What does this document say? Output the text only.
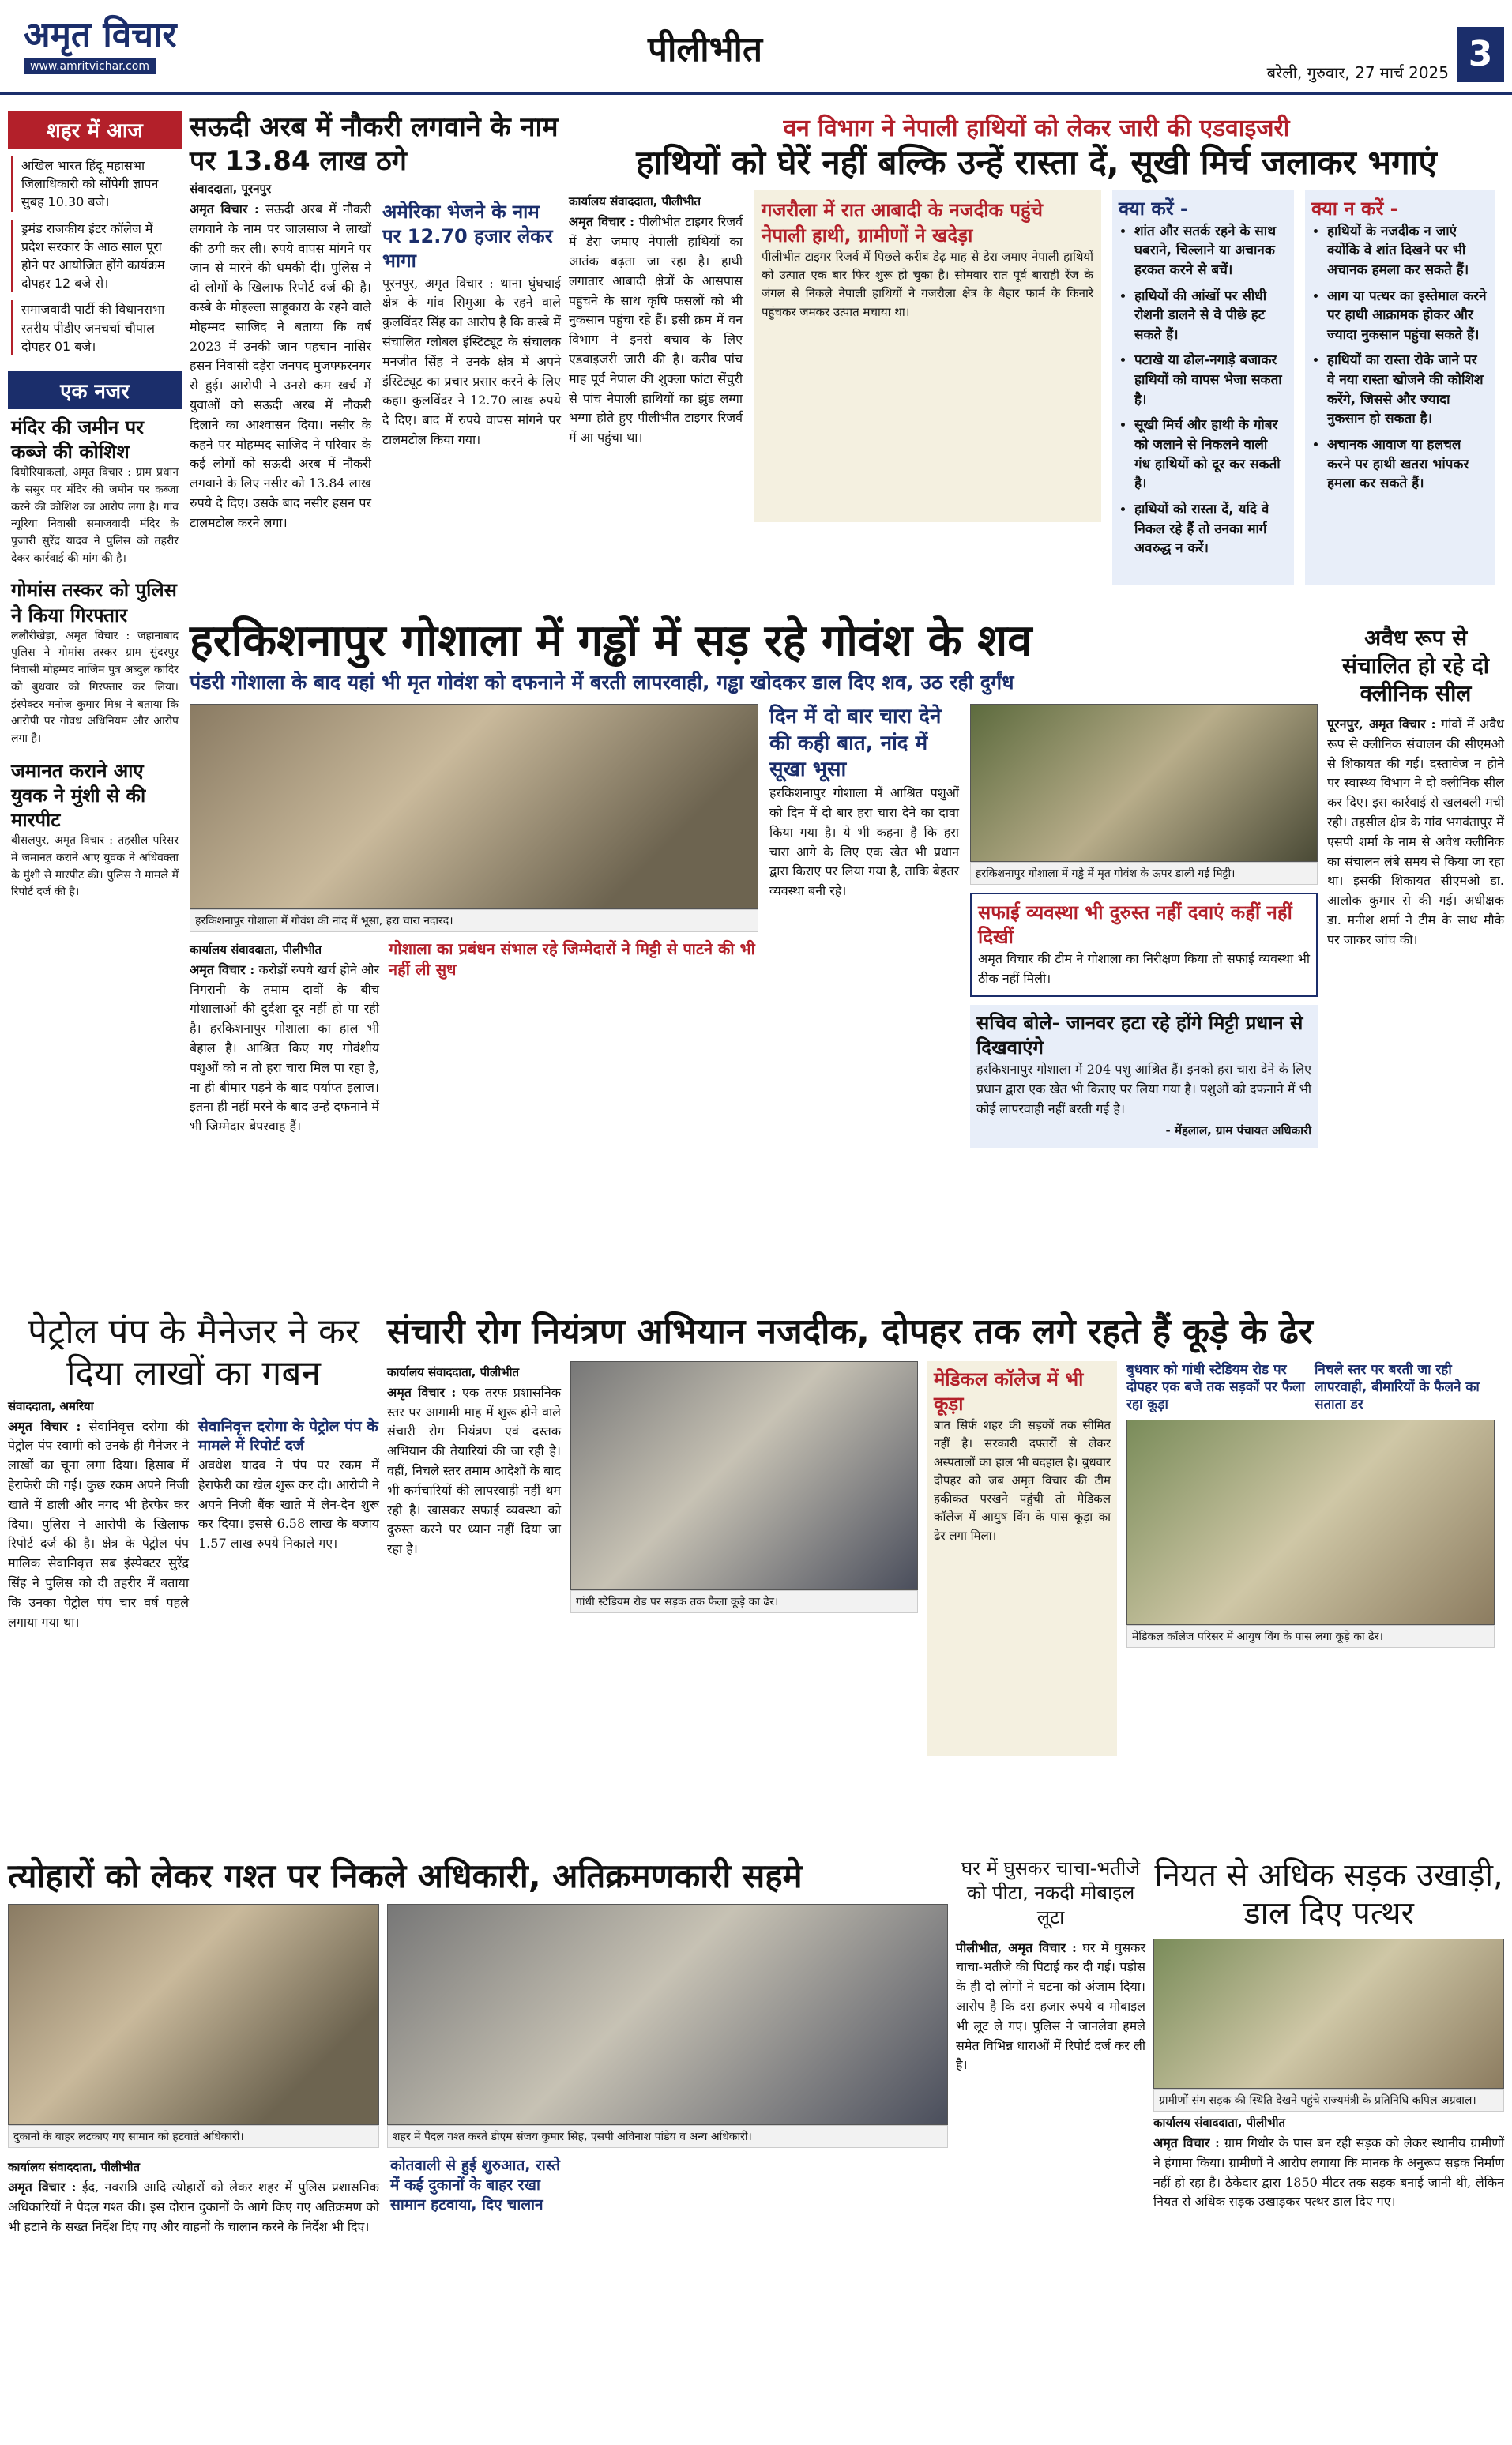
अमृत विचार
www.amritvichar.com	पीलीभीत
बरेली, गुरुवार, 27 मार्च 2025 3
शहर में आज
अखिल भारत हिंदू महासभा जिलाधिकारी को सौंपेगी ज्ञापन सुबह 10.30 बजे।
ड्रमंड राजकीय इंटर कॉलेज में प्रदेश सरकार के आठ साल पूरा होने पर आयोजित होंगे कार्यक्रम दोपहर 12 बजे से।
समाजवादी पार्टी की विधानसभा स्तरीय पीडीए जनचर्चा चौपाल दोपहर 01 बजे।
एक नजर
मंदिर की जमीन पर कब्जे की कोशिश
दियोरियाकलां, अमृत विचार : ग्राम प्रधान के ससुर पर मंदिर की जमीन पर कब्जा करने की कोशिश का आरोप लगा है। गांव न्यूरिया निवासी समाजवादी मंदिर के पुजारी सुरेंद्र यादव ने पुलिस को तहरीर देकर कार्रवाई की मांग की है।
गोमांस तस्कर को पुलिस ने किया गिरफ्तार
ललौरीखेड़ा, अमृत विचार : जहानाबाद पुलिस ने गोमांस तस्कर ग्राम सुंदरपुर निवासी मोहम्मद नाजिम पुत्र अब्दुल कादिर को बुधवार को गिरफ्तार कर लिया। इंस्पेक्टर मनोज कुमार मिश्र ने बताया कि आरोपी पर गोवध अधिनियम और आरोप लगा है।
जमानत कराने आए युवक ने मुंशी से की मारपीट
बीसलपुर, अमृत विचार : तहसील परिसर में जमानत कराने आए युवक ने अधिवक्ता के मुंशी से मारपीट की। पुलिस ने मामले में रिपोर्ट दर्ज की है।
सऊदी अरब में नौकरी लगवाने के नाम पर 13.84 लाख ठगे
संवाददाता, पूरनपुर
अमृत विचार : सऊदी अरब में नौकरी लगवाने के नाम पर जालसाज ने लाखों की ठगी कर ली। रुपये वापस मांगने पर जान से मारने की धमकी दी। पुलिस ने दो लोगों के खिलाफ रिपोर्ट दर्ज की है। कस्बे के मोहल्ला साहूकारा के रहने वाले मोहम्मद साजिद ने बताया कि वर्ष 2023 में उनकी जान पहचान नासिर हसन निवासी दड़ेरा जनपद मुजफ्फरनगर से हुई। आरोपी ने उनसे कम खर्च में युवाओं को सऊदी अरब में नौकरी दिलाने का आश्वासन दिया। नसीर के कहने पर मोहम्मद साजिद ने परिवार के कई लोगों को सऊदी अरब में नौकरी लगवाने के लिए नसीर को 13.84 लाख रुपये दे दिए। उसके बाद नसीर हसन पर टालमटोल करने लगा।
अमेरिका भेजने के नाम पर 12.70 हजार लेकर भागा
पूरनपुर, अमृत विचार : थाना घुंघचाई क्षेत्र के गांव सिमुआ के रहने वाले कुलविंदर सिंह का आरोप है कि कस्बे में संचालित ग्लोबल इंस्टिट्यूट के संचालक मनजीत सिंह ने उनके क्षेत्र में अपने इंस्टिट्यूट का प्रचार प्रसार करने के लिए कहा। कुलविंदर ने 12.70 लाख रुपये दे दिए। बाद में रुपये वापस मांगने पर टालमटोल किया गया।
वन विभाग ने नेपाली हाथियों को लेकर जारी की एडवाइजरी
हाथियों को घेरें नहीं बल्कि उन्हें रास्ता दें, सूखी मिर्च जलाकर भगाएं
कार्यालय संवाददाता, पीलीभीत
अमृत विचार : पीलीभीत टाइगर रिजर्व में डेरा जमाए नेपाली हाथियों का आतंक बढ़ता जा रहा है। हाथी लगातार आबादी क्षेत्रों के आसपास पहुंचने के साथ कृषि फसलों को भी नुकसान पहुंचा रहे हैं। इसी क्रम में वन विभाग ने इनसे बचाव के लिए एडवाइजरी जारी की है। करीब पांच माह पूर्व नेपाल की शुक्ला फांटा सेंचुरी से पांच नेपाली हाथियों का झुंड लग्गा भग्गा होते हुए पीलीभीत टाइगर रिजर्व में आ पहुंचा था।
गजरौला में रात आबादी के नजदीक पहुंचे नेपाली हाथी, ग्रामीणों ने खदेड़ा
पीलीभीत टाइगर रिजर्व में पिछले करीब डेढ़ माह से डेरा जमाए नेपाली हाथियों को उत्पात एक बार फिर शुरू हो चुका है। सोमवार रात पूर्व बाराही रेंज के जंगल से निकले नेपाली हाथियों ने गजरौला क्षेत्र के बैहार फार्म के किनारे पहुंचकर जमकर उत्पात मचाया था।
क्या करें -
• शांत और सतर्क रहने के साथ घबराने, चिल्लाने या अचानक हरकत करने से बचें।
• हाथियों की आंखों पर सीधी रोशनी डालने से वे पीछे हट सकते हैं।
• पटाखे या ढोल-नगाड़े बजाकर हाथियों को वापस भेजा सकता है।
• सूखी मिर्च और हाथी के गोबर को जलाने से निकलने वाली गंध हाथियों को दूर कर सकती है।
• हाथियों को रास्ता दें, यदि वे निकल रहे हैं तो उनका मार्ग अवरुद्ध न करें।
क्या न करें -
• हाथियों के नजदीक न जाएं क्योंकि वे शांत दिखने पर भी अचानक हमला कर सकते हैं।
• आग या पत्थर का इस्तेमाल करने पर हाथी आक्रामक होकर और ज्यादा नुकसान पहुंचा सकते हैं।
• हाथियों का रास्ता रोके जाने पर वे नया रास्ता खोजने की कोशिश करेंगे, जिससे और ज्यादा नुकसान हो सकता है।
• अचानक आवाज या हलचल करने पर हाथी खतरा भांपकर हमला कर सकते हैं।
हरकिशनापुर गोशाला में गड्ढों में सड़ रहे गोवंश के शव
पंडरी गोशाला के बाद यहां भी मृत गोवंश को दफनाने में बरती लापरवाही, गड्ढा खोदकर डाल दिए शव, उठ रही दुर्गंध
हरकिशनापुर गोशाला में गोवंश की नांद में भूसा, हरा चारा नदारद।
कार्यालय संवाददाता, पीलीभीत
अमृत विचार : करोड़ों रुपये खर्च होने और निगरानी के तमाम दावों के बीच गोशालाओं की दुर्दशा दूर नहीं हो पा रही है। हरकिशनापुर गोशाला का हाल भी बेहाल है। आश्रित किए गए गोवंशीय पशुओं को न तो हरा चारा मिल पा रहा है, ना ही बीमार पड़ने के बाद पर्याप्त इलाज। इतना ही नहीं मरने के बाद उन्हें दफनाने में भी जिम्मेदार बेपरवाह हैं।
गोशाला का प्रबंधन संभाल रहे जिम्मेदारों ने मिट्टी से पाटने की भी नहीं ली सुध
दिन में दो बार चारा देने की कही बात, नांद में सूखा भूसा
हरकिशनापुर गोशाला में आश्रित पशुओं को दिन में दो बार हरा चारा देने का दावा किया गया है। ये भी कहना है कि हरा चारा आगे के लिए एक खेत भी प्रधान द्वारा किराए पर लिया गया है, ताकि बेहतर व्यवस्था बनी रहे।
हरकिशनापुर गोशाला में गड्ढे में मृत गोवंश के ऊपर डाली गई मिट्टी।
सफाई व्यवस्था भी दुरुस्त नहीं दवाएं कहीं नहीं दिखीं
अमृत विचार की टीम ने गोशाला का निरीक्षण किया तो सफाई व्यवस्था भी ठीक नहीं मिली।
सचिव बोले- जानवर हटा रहे होंगे मिट्टी प्रधान से दिखवाएंगे
हरकिशनापुर गोशाला में 204 पशु आश्रित हैं। इनको हरा चारा देने के लिए प्रधान द्वारा एक खेत भी किराए पर लिया गया है। पशुओं को दफनाने में भी कोई लापरवाही नहीं बरती गई है।
- मेंहलाल, ग्राम पंचायत अधिकारी
अवैध रूप से संचालित हो रहे दो क्लीनिक सील
पूरनपुर, अमृत विचार : गांवों में अवैध रूप से क्लीनिक संचालन की सीएमओ से शिकायत की गई। दस्तावेज न होने पर स्वास्थ्य विभाग ने दो क्लीनिक सील कर दिए। इस कार्रवाई से खलबली मची रही। तहसील क्षेत्र के गांव भगवंतापुर में एसपी शर्मा के नाम से अवैध क्लीनिक का संचालन लंबे समय से किया जा रहा था। इसकी शिकायत सीएमओ डा. आलोक कुमार से की गई। अधीक्षक डा. मनीश शर्मा ने टीम के साथ मौके पर जाकर जांच की।
पेट्रोल पंप के मैनेजर ने कर दिया लाखों का गबन
संवाददाता, अमरिया
अमृत विचार : सेवानिवृत्त दरोगा की पेट्रोल पंप स्वामी को उनके ही मैनेजर ने लाखों का चूना लगा दिया। हिसाब में हेराफेरी की गई। कुछ रकम अपने निजी खाते में डाली और नगद भी हेरफेर कर दिया। पुलिस ने आरोपी के खिलाफ रिपोर्ट दर्ज की है। क्षेत्र के पेट्रोल पंप मालिक सेवानिवृत्त सब इंस्पेक्टर सुरेंद्र सिंह ने पुलिस को दी तहरीर में बताया कि उनका पेट्रोल पंप चार वर्ष पहले लगाया गया था।
सेवानिवृत्त दरोगा के पेट्रोल पंप के मामले में रिपोर्ट दर्ज
अवधेश यादव ने पंप पर रकम में हेराफेरी का खेल शुरू कर दी। आरोपी ने अपने निजी बैंक खाते में लेन-देन शुरू कर दिया। इससे 6.58 लाख के बजाय 1.57 लाख रुपये निकाले गए।
संचारी रोग नियंत्रण अभियान नजदीक, दोपहर तक लगे रहते हैं कूड़े के ढेर
कार्यालय संवाददाता, पीलीभीत
अमृत विचार : एक तरफ प्रशासनिक स्तर पर आगामी माह में शुरू होने वाले संचारी रोग नियंत्रण एवं दस्तक अभियान की तैयारियां की जा रही है। वहीं, निचले स्तर तमाम आदेशों के बाद भी कर्मचारियों की लापरवाही नहीं थम रही है। खासकर सफाई व्यवस्था को दुरुस्त करने पर ध्यान नहीं दिया जा रहा है।
गांधी स्टेडियम रोड पर सड़क तक फैला कूड़े का ढेर।
मेडिकल कॉलेज में भी कूड़ा
बात सिर्फ शहर की सड़कों तक सीमित नहीं है। सरकारी दफ्तरों से लेकर अस्पतालों का हाल भी बदहाल है। बुधवार दोपहर को जब अमृत विचार की टीम हकीकत परखने पहुंची तो मेडिकल कॉलेज में आयुष विंग के पास कूड़ा का ढेर लगा मिला।
बुधवार को गांधी स्टेडियम रोड पर दोपहर एक बजे तक सड़कों पर फैला रहा कूड़ा
निचले स्तर पर बरती जा रही लापरवाही, बीमारियों के फैलने का सताता डर
मेडिकल कॉलेज परिसर में आयुष विंग के पास लगा कूड़े का ढेर।
त्योहारों को लेकर गश्त पर निकले अधिकारी, अतिक्रमणकारी सहमे
दुकानों के बाहर लटकाए गए सामान को हटवाते अधिकारी।	शहर में पैदल गश्त करते डीएम संजय कुमार सिंह, एसपी अविनाश पांडेय व अन्य अधिकारी।
कार्यालय संवाददाता, पीलीभीत
अमृत विचार : ईद, नवरात्रि आदि त्योहारों को लेकर शहर में पुलिस प्रशासनिक अधिकारियों ने पैदल गश्त की। इस दौरान दुकानों के आगे किए गए अतिक्रमण को भी हटाने के सख्त निर्देश दिए गए और वाहनों के चालान करने के निर्देश भी दिए।
कोतवाली से हुई शुरुआत, रास्ते में कई दुकानों के बाहर रखा सामान हटवाया, दिए चालान
घर में घुसकर चाचा-भतीजे को पीटा, नकदी मोबाइल लूटा
पीलीभीत, अमृत विचार : घर में घुसकर चाचा-भतीजे की पिटाई कर दी गई। पड़ोस के ही दो लोगों ने घटना को अंजाम दिया। आरोप है कि दस हजार रुपये व मोबाइल भी लूट ले गए। पुलिस ने जानलेवा हमले समेत विभिन्न धाराओं में रिपोर्ट दर्ज कर ली है।
नियत से अधिक सड़क उखाड़ी, डाल दिए पत्थर
ग्रामीणों संग सड़क की स्थिति देखने पहुंचे राज्यमंत्री के प्रतिनिधि कपिल अग्रवाल।
कार्यालय संवाददाता, पीलीभीत
अमृत विचार : ग्राम गिधौर के पास बन रही सड़क को लेकर स्थानीय ग्रामीणों ने हंगामा किया। ग्रामीणों ने आरोप लगाया कि मानक के अनुरूप सड़क निर्माण नहीं हो रहा है। ठेकेदार द्वारा 1850 मीटर तक सड़क बनाई जानी थी, लेकिन नियत से अधिक सड़क उखाड़कर पत्थर डाल दिए गए।
